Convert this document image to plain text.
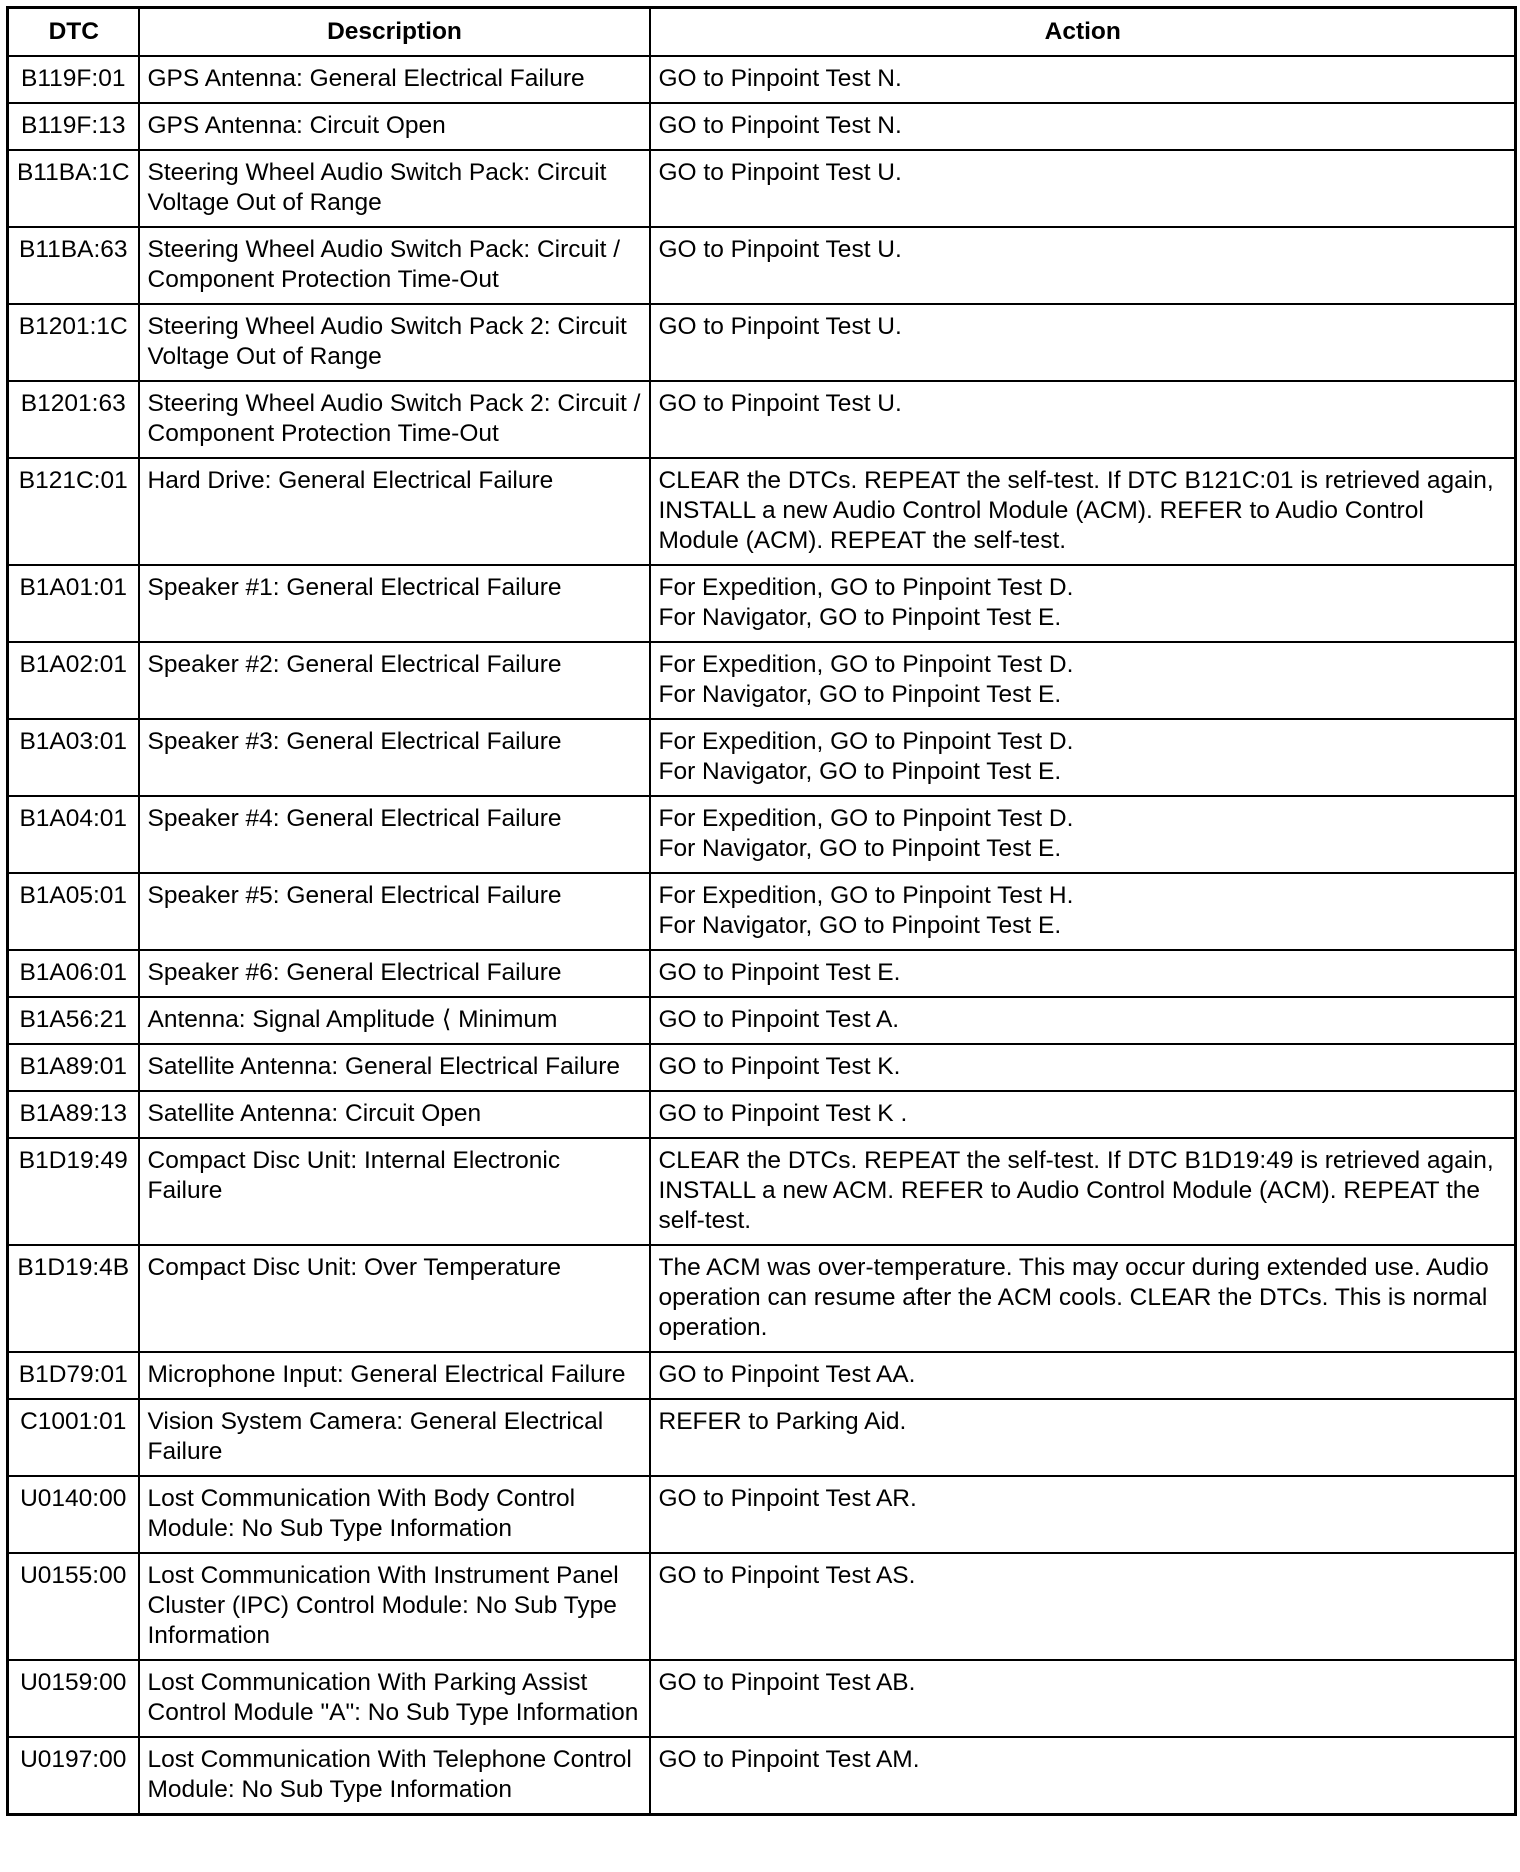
DTC	Description	Action
B119F:01	GPS Antenna: General Electrical Failure	GO to Pinpoint Test N.
B119F:13	GPS Antenna: Circuit Open	GO to Pinpoint Test N.
B11BA:1C	Steering Wheel Audio Switch Pack: Circuit Voltage Out of Range	GO to Pinpoint Test U.
B11BA:63	Steering Wheel Audio Switch Pack: Circuit / Component Protection Time-Out	GO to Pinpoint Test U.
B1201:1C	Steering Wheel Audio Switch Pack 2: Circuit Voltage Out of Range	GO to Pinpoint Test U.
B1201:63	Steering Wheel Audio Switch Pack 2: Circuit / Component Protection Time-Out	GO to Pinpoint Test U.
B121C:01	Hard Drive: General Electrical Failure	CLEAR the DTCs. REPEAT the self-test. If DTC B121C:01 is retrieved again, INSTALL a new Audio Control Module (ACM). REFER to Audio Control Module (ACM). REPEAT the self-test.
B1A01:01	Speaker #1: General Electrical Failure	For Expedition, GO to Pinpoint Test D.
For Navigator, GO to Pinpoint Test E.

B1A02:01	Speaker #2: General Electrical Failure	For Expedition, GO to Pinpoint Test D.
For Navigator, GO to Pinpoint Test E.

B1A03:01	Speaker #3: General Electrical Failure	For Expedition, GO to Pinpoint Test D.
For Navigator, GO to Pinpoint Test E.

B1A04:01	Speaker #4: General Electrical Failure	For Expedition, GO to Pinpoint Test D.
For Navigator, GO to Pinpoint Test E.

B1A05:01	Speaker #5: General Electrical Failure	For Expedition, GO to Pinpoint Test H.
For Navigator, GO to Pinpoint Test E.

B1A06:01	Speaker #6: General Electrical Failure	GO to Pinpoint Test E.
B1A56:21	Antenna: Signal Amplitude ⟨ Minimum	GO to Pinpoint Test A.
B1A89:01	Satellite Antenna: General Electrical Failure	GO to Pinpoint Test K.
B1A89:13	Satellite Antenna: Circuit Open	GO to Pinpoint Test K .
B1D19:49	Compact Disc Unit: Internal Electronic Failure	CLEAR the DTCs. REPEAT the self-test. If DTC B1D19:49 is retrieved again, INSTALL a new ACM. REFER to Audio Control Module (ACM). REPEAT the self-test.
B1D19:4B	Compact Disc Unit: Over Temperature	The ACM was over-temperature. This may occur during extended use. Audio operation can resume after the ACM cools. CLEAR the DTCs. This is normal operation.
B1D79:01	Microphone Input: General Electrical Failure	GO to Pinpoint Test AA.
C1001:01	Vision System Camera: General Electrical Failure	REFER to Parking Aid.
U0140:00	Lost Communication With Body Control Module: No Sub Type Information	GO to Pinpoint Test AR.
U0155:00	Lost Communication With Instrument Panel Cluster (IPC) Control Module: No Sub Type Information	GO to Pinpoint Test AS.
U0159:00	Lost Communication With Parking Assist Control Module "A": No Sub Type Information	GO to Pinpoint Test AB.
U0197:00	Lost Communication With Telephone Control Module: No Sub Type Information	GO to Pinpoint Test AM.
